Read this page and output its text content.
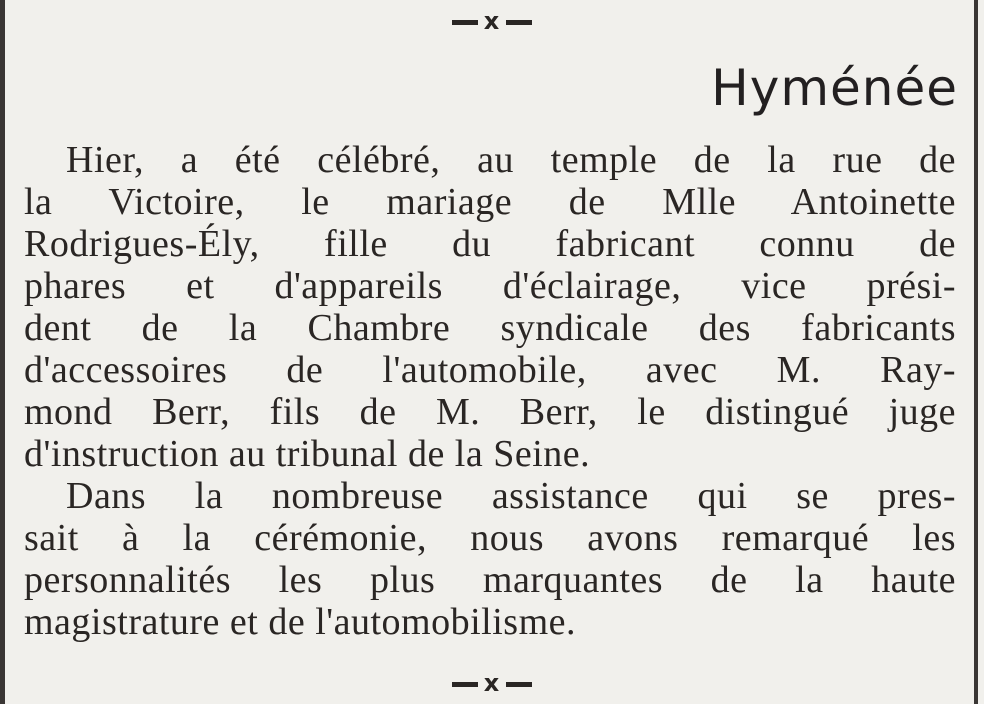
x
Hyménée
Hier, a été célébré, au temple de la rue de
la Victoire, le mariage de Mlle Antoinette
Rodrigues-Ély, fille du fabricant connu de
phares et d'appareils d'éclairage, vice prési-
dent de la Chambre syndicale des fabricants
d'accessoires de l'automobile, avec M. Ray-
mond Berr, fils de M. Berr, le distingué juge
d'instruction au tribunal de la Seine.
Dans la nombreuse assistance qui se pres-
sait à la cérémonie, nous avons remarqué les
personnalités les plus marquantes de la haute
magistrature et de l'automobilisme.
x
